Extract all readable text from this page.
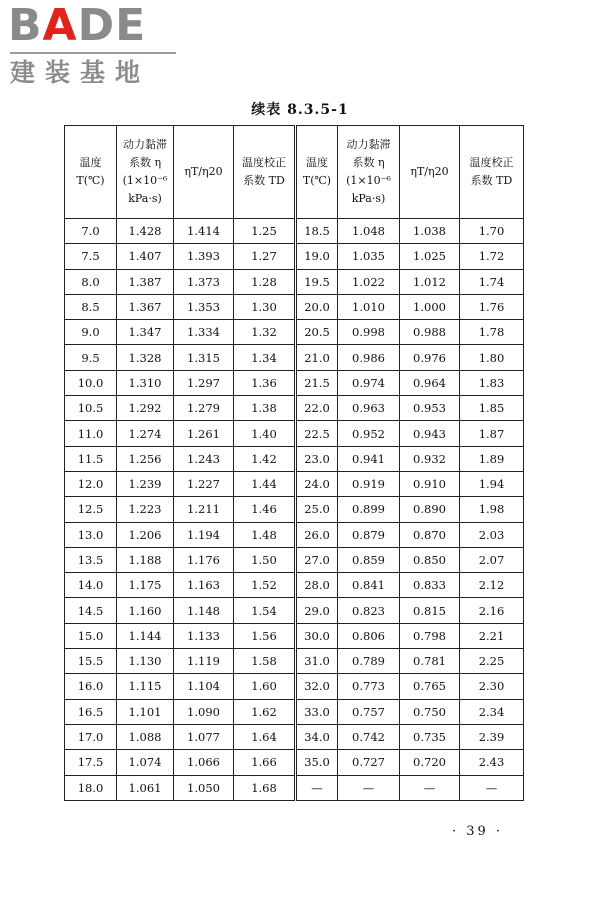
BADE
建装基地
续表 8.3.5-1
温度
T(℃)	动力黏滞
系数 η
(1×10⁻⁶
kPa·s)	ηT/η20	温度校正
系数 TD	温度
T(℃)	动力黏滞
系数 η
(1×10⁻⁶
kPa·s)	ηT/η20	温度校正
系数 TD

7.0	1.428	1.414	1.25	18.5	1.048	1.038	1.70
7.5	1.407	1.393	1.27	19.0	1.035	1.025	1.72
8.0	1.387	1.373	1.28	19.5	1.022	1.012	1.74
8.5	1.367	1.353	1.30	20.0	1.010	1.000	1.76
9.0	1.347	1.334	1.32	20.5	0.998	0.988	1.78
9.5	1.328	1.315	1.34	21.0	0.986	0.976	1.80
10.0	1.310	1.297	1.36	21.5	0.974	0.964	1.83
10.5	1.292	1.279	1.38	22.0	0.963	0.953	1.85
11.0	1.274	1.261	1.40	22.5	0.952	0.943	1.87
11.5	1.256	1.243	1.42	23.0	0.941	0.932	1.89
12.0	1.239	1.227	1.44	24.0	0.919	0.910	1.94
12.5	1.223	1.211	1.46	25.0	0.899	0.890	1.98
13.0	1.206	1.194	1.48	26.0	0.879	0.870	2.03
13.5	1.188	1.176	1.50	27.0	0.859	0.850	2.07
14.0	1.175	1.163	1.52	28.0	0.841	0.833	2.12
14.5	1.160	1.148	1.54	29.0	0.823	0.815	2.16
15.0	1.144	1.133	1.56	30.0	0.806	0.798	2.21
15.5	1.130	1.119	1.58	31.0	0.789	0.781	2.25
16.0	1.115	1.104	1.60	32.0	0.773	0.765	2.30
16.5	1.101	1.090	1.62	33.0	0.757	0.750	2.34
17.0	1.088	1.077	1.64	34.0	0.742	0.735	2.39
17.5	1.074	1.066	1.66	35.0	0.727	0.720	2.43
18.0	1.061	1.050	1.68	—	—	—	—
· 39 ·
